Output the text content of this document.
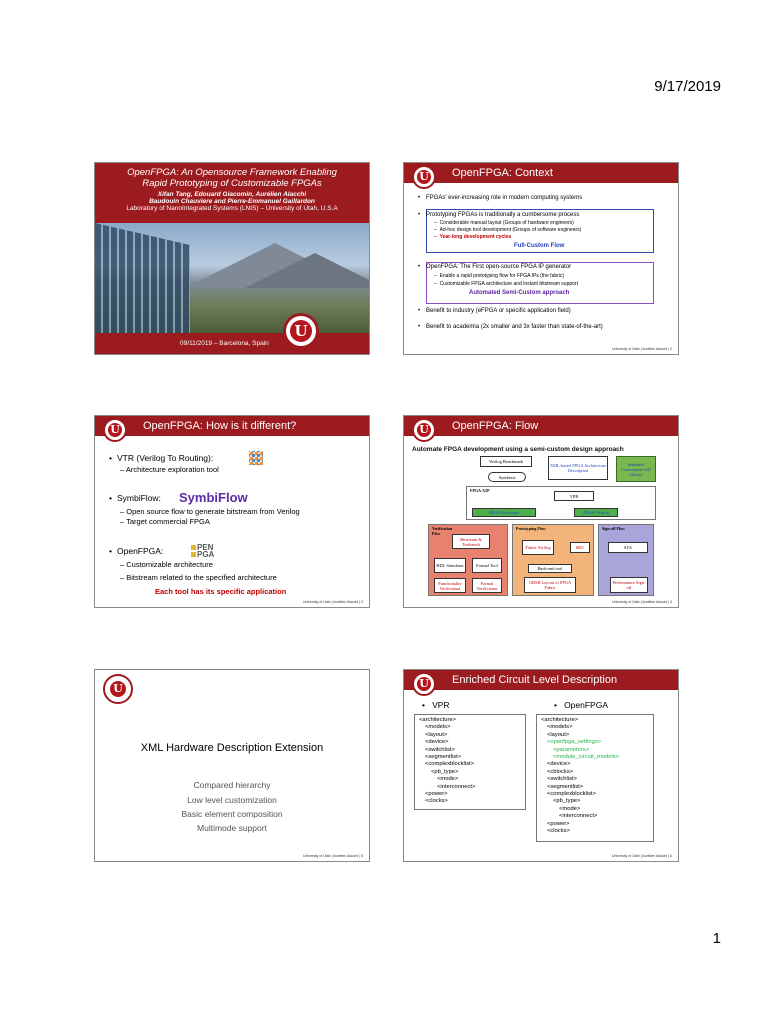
9/17/2019
1
OpenFPGA: An Opensource Framework Enabling
Rapid Prototyping of Customizable FPGAs
Xifan Tang, Edouard Giacomin, Aurélien Alacchi
Baudouin Chauviere and Pierre-Emmanuel Gaillardon
Laboratory of NanoIntegrated Systems (LNIS) – University of Utah, U.S.A
09/11/2019 – Barcelona, Spain
U
OpenFPGA: Context
U
• FPGAs' ever-increasing role in modern computing systems
• Prototyping FPGAs is traditionally a cumbersome process
–  Considerable manual layout (Groups of hardware engineers)
–  Ad-hoc design tool development (Groups of software engineers)
–  Year-long development cycles
Full-Custom Flow
• OpenFPGA: The First open-source FPGA IP generator
–  Enable a rapid prototyping flow for FPGA IPs (the fabric)
–  Customizable FPGA architecture and instant bitstream support
Automated Semi-Custom approach
• Benefit to industry (eFPGA or specific application field)
• Benefit to academia (2x smaller and 3x faster than state-of-the-art)
University of Utah | Aurélien Alacchi | 2
OpenFPGA: How is it different?
U
• VTR (Verilog To Routing):
– Architecture exploration tool
• SymbiFlow: SymbiFlow
– Open source flow to generate bitstream from Verilog
– Target commercial FPGA
• OpenFPGA:	PEN
PGA
– Customizable architecture
– Bitstream related to the specified architecture
Each tool has its specific application
University of Utah | Aurélien Alacchi | 3
OpenFPGA: Flow
U
Automate FPGA development using a semi-custom design approach
Verilog Benchmark
Synthesis
XML-based FPGA Architecture Description
Standard/ Customized Cell Library
FPGA-X2P
VPR
FPGA-Bitstream	FPGA-Verilog
Verification Flow
Prototyping Flow	Sign-off Flow
Bitstream & Testbench
Fabric Verilog	SDC	STA
HDL Simulator	Formal Tool
Back-end tool
Functionality Verification
Formal Verification
GDSII Layout of FPGA Fabric
Performance Sign-off
University of Utah | Aurélien Alacchi | 4
U
XML Hardware Description Extension
Compared hierarchy
Low level customization
Basic element composition
Multimode support
University of Utah | Aurélien Alacchi | 5
Enriched Circuit Level Description
U
•   VPR	•   OpenFPGA
<architecture>
<models>
<layout>
<device>
<switchlist>
<segmentlist>
<complexblocklist>
<pb_type>
<mode>
<interconnect>
<power>
<clocks>
<architecture>
<models>
<layout>
<openfpga_settings>
<parameters>
<module_circuit_models>
<device>
<cblocks>
<switchlist>
<segmentlist>
<complexblocklist>
<pb_type>
<mode>
<interconnect>
<power>
<clocks>
University of Utah | Aurélien Alacchi | 6
